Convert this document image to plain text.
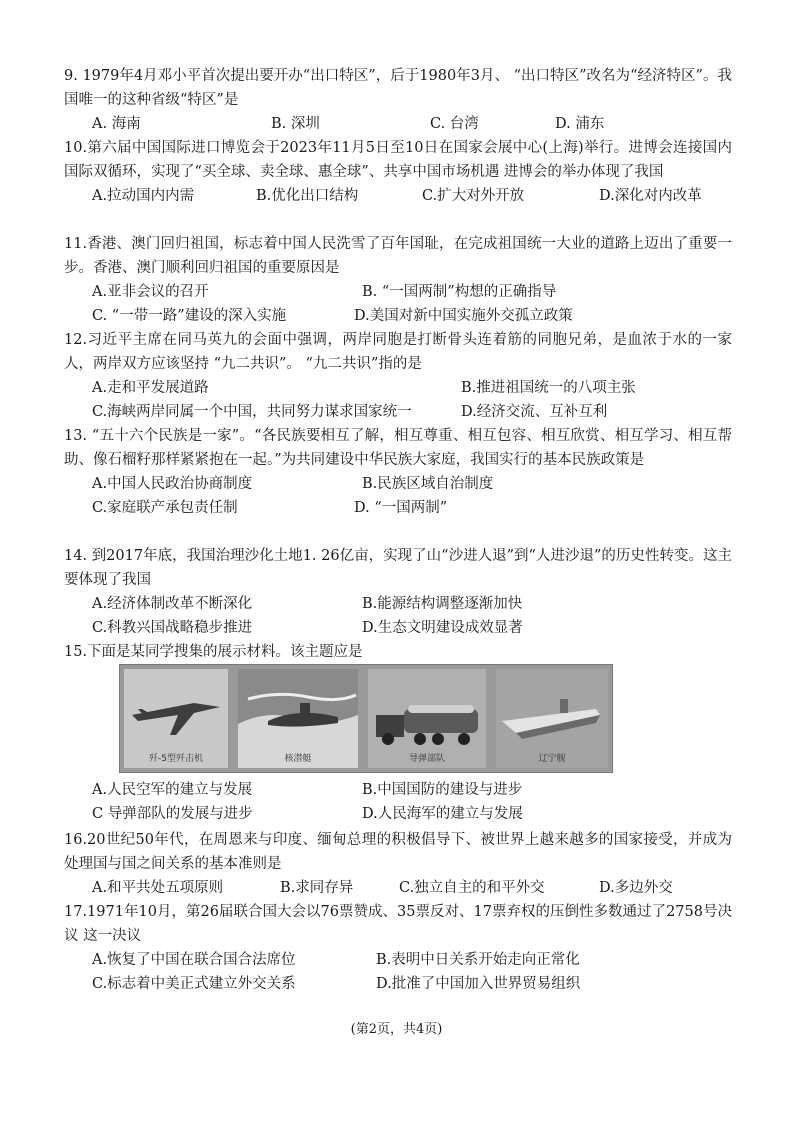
9. 1979年4月邓小平首次提出要开办“出口特区”，后于1980年3月、 “出口特区”改名为“经济特区”。我国唯一的这种省级“特区”是

A. 海南	B. 深圳	C. 台湾	D. 浦东

10.第六届中国国际进口博览会于2023年11月5日至10日在国家会展中心(上海)举行。进博会连接国内国际双循环，实现了“买全球、卖全球、惠全球”、共享中国市场机遇 进博会的举办体现了我国

A.拉动国内内需	B.优化出口结构	C.扩大对外开放	D.深化对内改革

11.香港、澳门回归祖国，标志着中国人民洗雪了百年国耻，在完成祖国统一大业的道路上迈出了重要一步。香港、澳门顺利回归祖国的重要原因是

A.亚非会议的召开	B. “一国两制”构想的正确指导
C. “一带一路”建设的深入实施	D.美国对新中国实施外交孤立政策

12.习近平主席在同马英九的会面中强调，两岸同胞是打断骨头连着筋的同胞兄弟，是血浓于水的一家人，两岸双方应该坚持 “九二共识”。 “九二共识”指的是

A.走和平发展道路	B.推进祖国统一的八项主张
C.海峡两岸同属一个中国，共同努力谋求国家统一	D.经济交流、互补互利

13. “五十六个民族是一家”。“各民族要相互了解，相互尊重、相互包容、相互欣赏、相互学习、相互帮助、像石榴籽那样紧紧抱在一起。”为共同建设中华民族大家庭，我国实行的基本民族政策是

A.中国人民政治协商制度	B.民族区域自治制度
C.家庭联产承包责任制	D. “一国两制”

14. 到2017年底，我国治理沙化土地1. 26亿亩，实现了山“沙进人退”到“人进沙退”的历史性转变。这主要体现了我国

A.经济体制改革不断深化	B.能源结构调整逐渐加快
C.科教兴国战略稳步推进	D.生态文明建设成效显著

15.下面是某同学搜集的展示材料。该主题应是

歼-5型歼击机	核潜艇	导弹部队	辽宁舰
A.人民空军的建立与发展	B.中国国防的建设与进步
C 导弹部队的发展与进步	D.人民海军的建立与发展

16.20世纪50年代，在周恩来与印度、缅甸总理的积极倡导下、被世界上越来越多的国家接受，并成为处理国与国之间关系的基本准则是

A.和平共处五项原则	B.求同存异	C.独立自主的和平外交	D.多边外交

17.1971年10月，第26届联合国大会以76票赞成、35票反对、17票弃权的压倒性多数通过了2758号决议 这一决议

A.恢复了中国在联合国合法席位	B.表明中日关系开始走向正常化
C.标志着中美正式建立外交关系	D.批准了中国加入世界贸易组织
(第2页，共4页)
